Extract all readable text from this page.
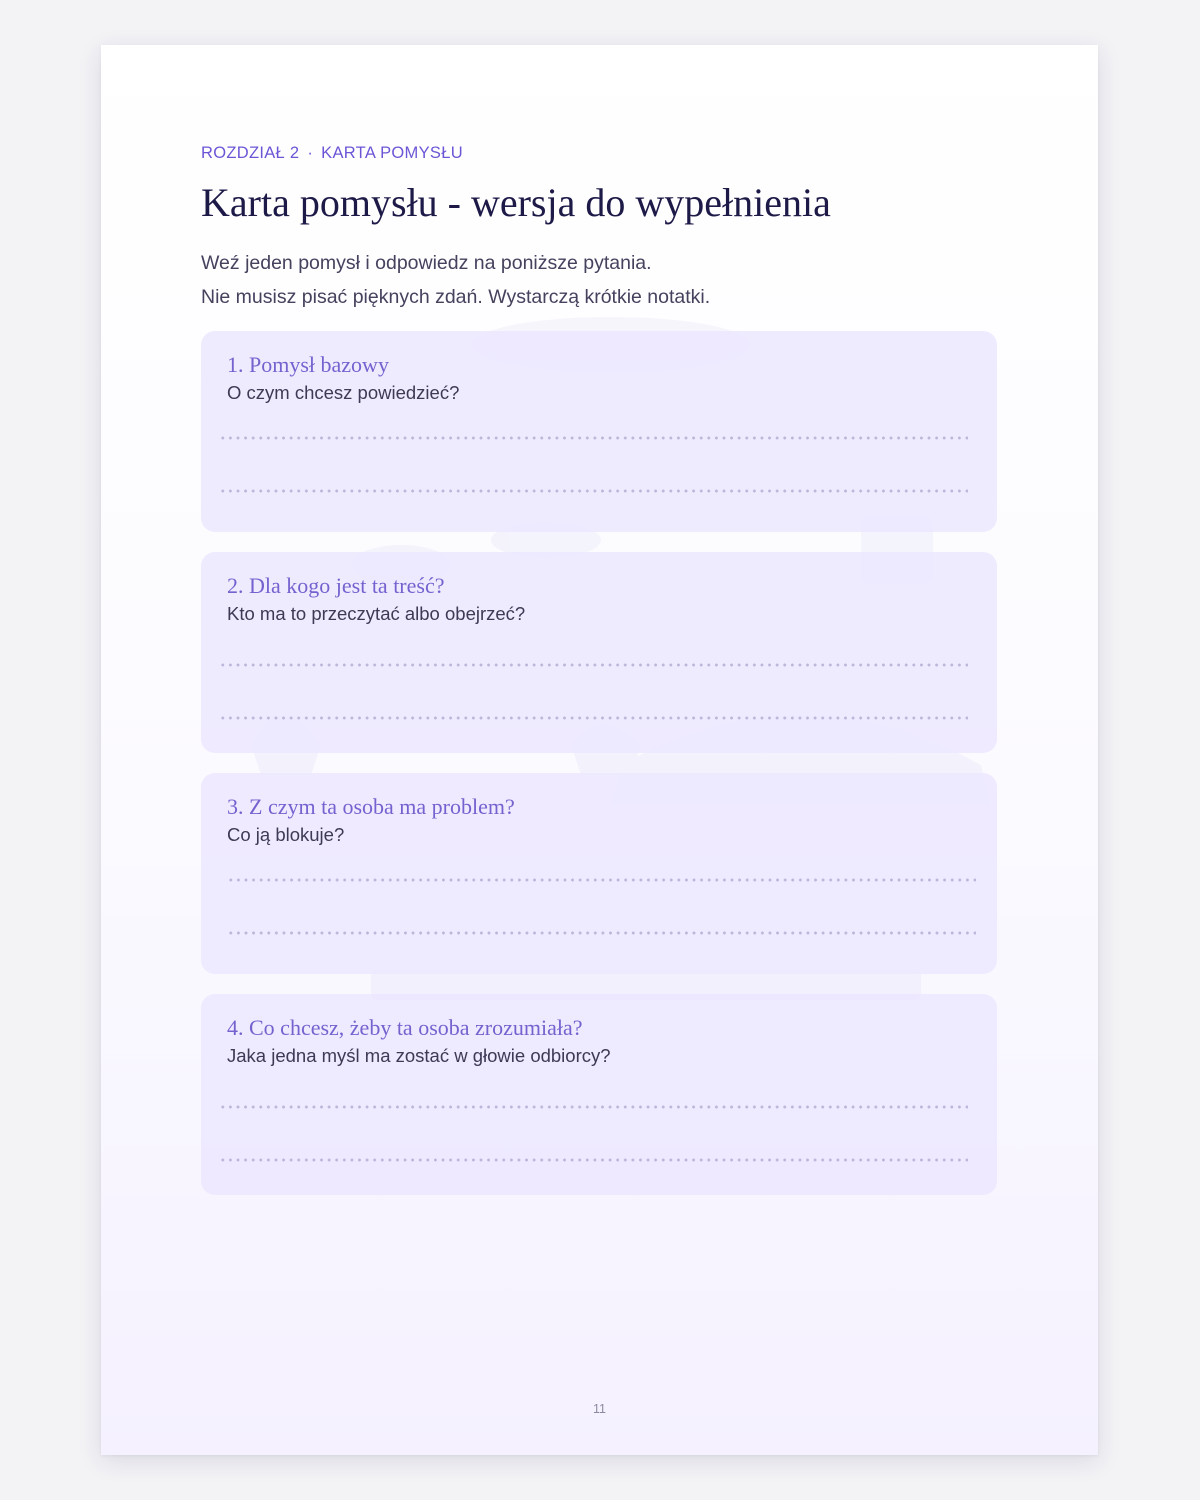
ROZDZIAŁ 2 · KARTA POMYSŁU
Karta pomysłu - wersja do wypełnienia

Weź jeden pomysł i odpowiedz na poniższe pytania.

Nie musisz pisać pięknych zdań. Wystarczą krótkie notatki.

1. Pomysł bazowy
O czym chcesz powiedzieć?
2. Dla kogo jest ta treść?
Kto ma to przeczytać albo obejrzeć?
3. Z czym ta osoba ma problem?
Co ją blokuje?
4. Co chcesz, żeby ta osoba zrozumiała?
Jaka jedna myśl ma zostać w głowie odbiorcy?
11
